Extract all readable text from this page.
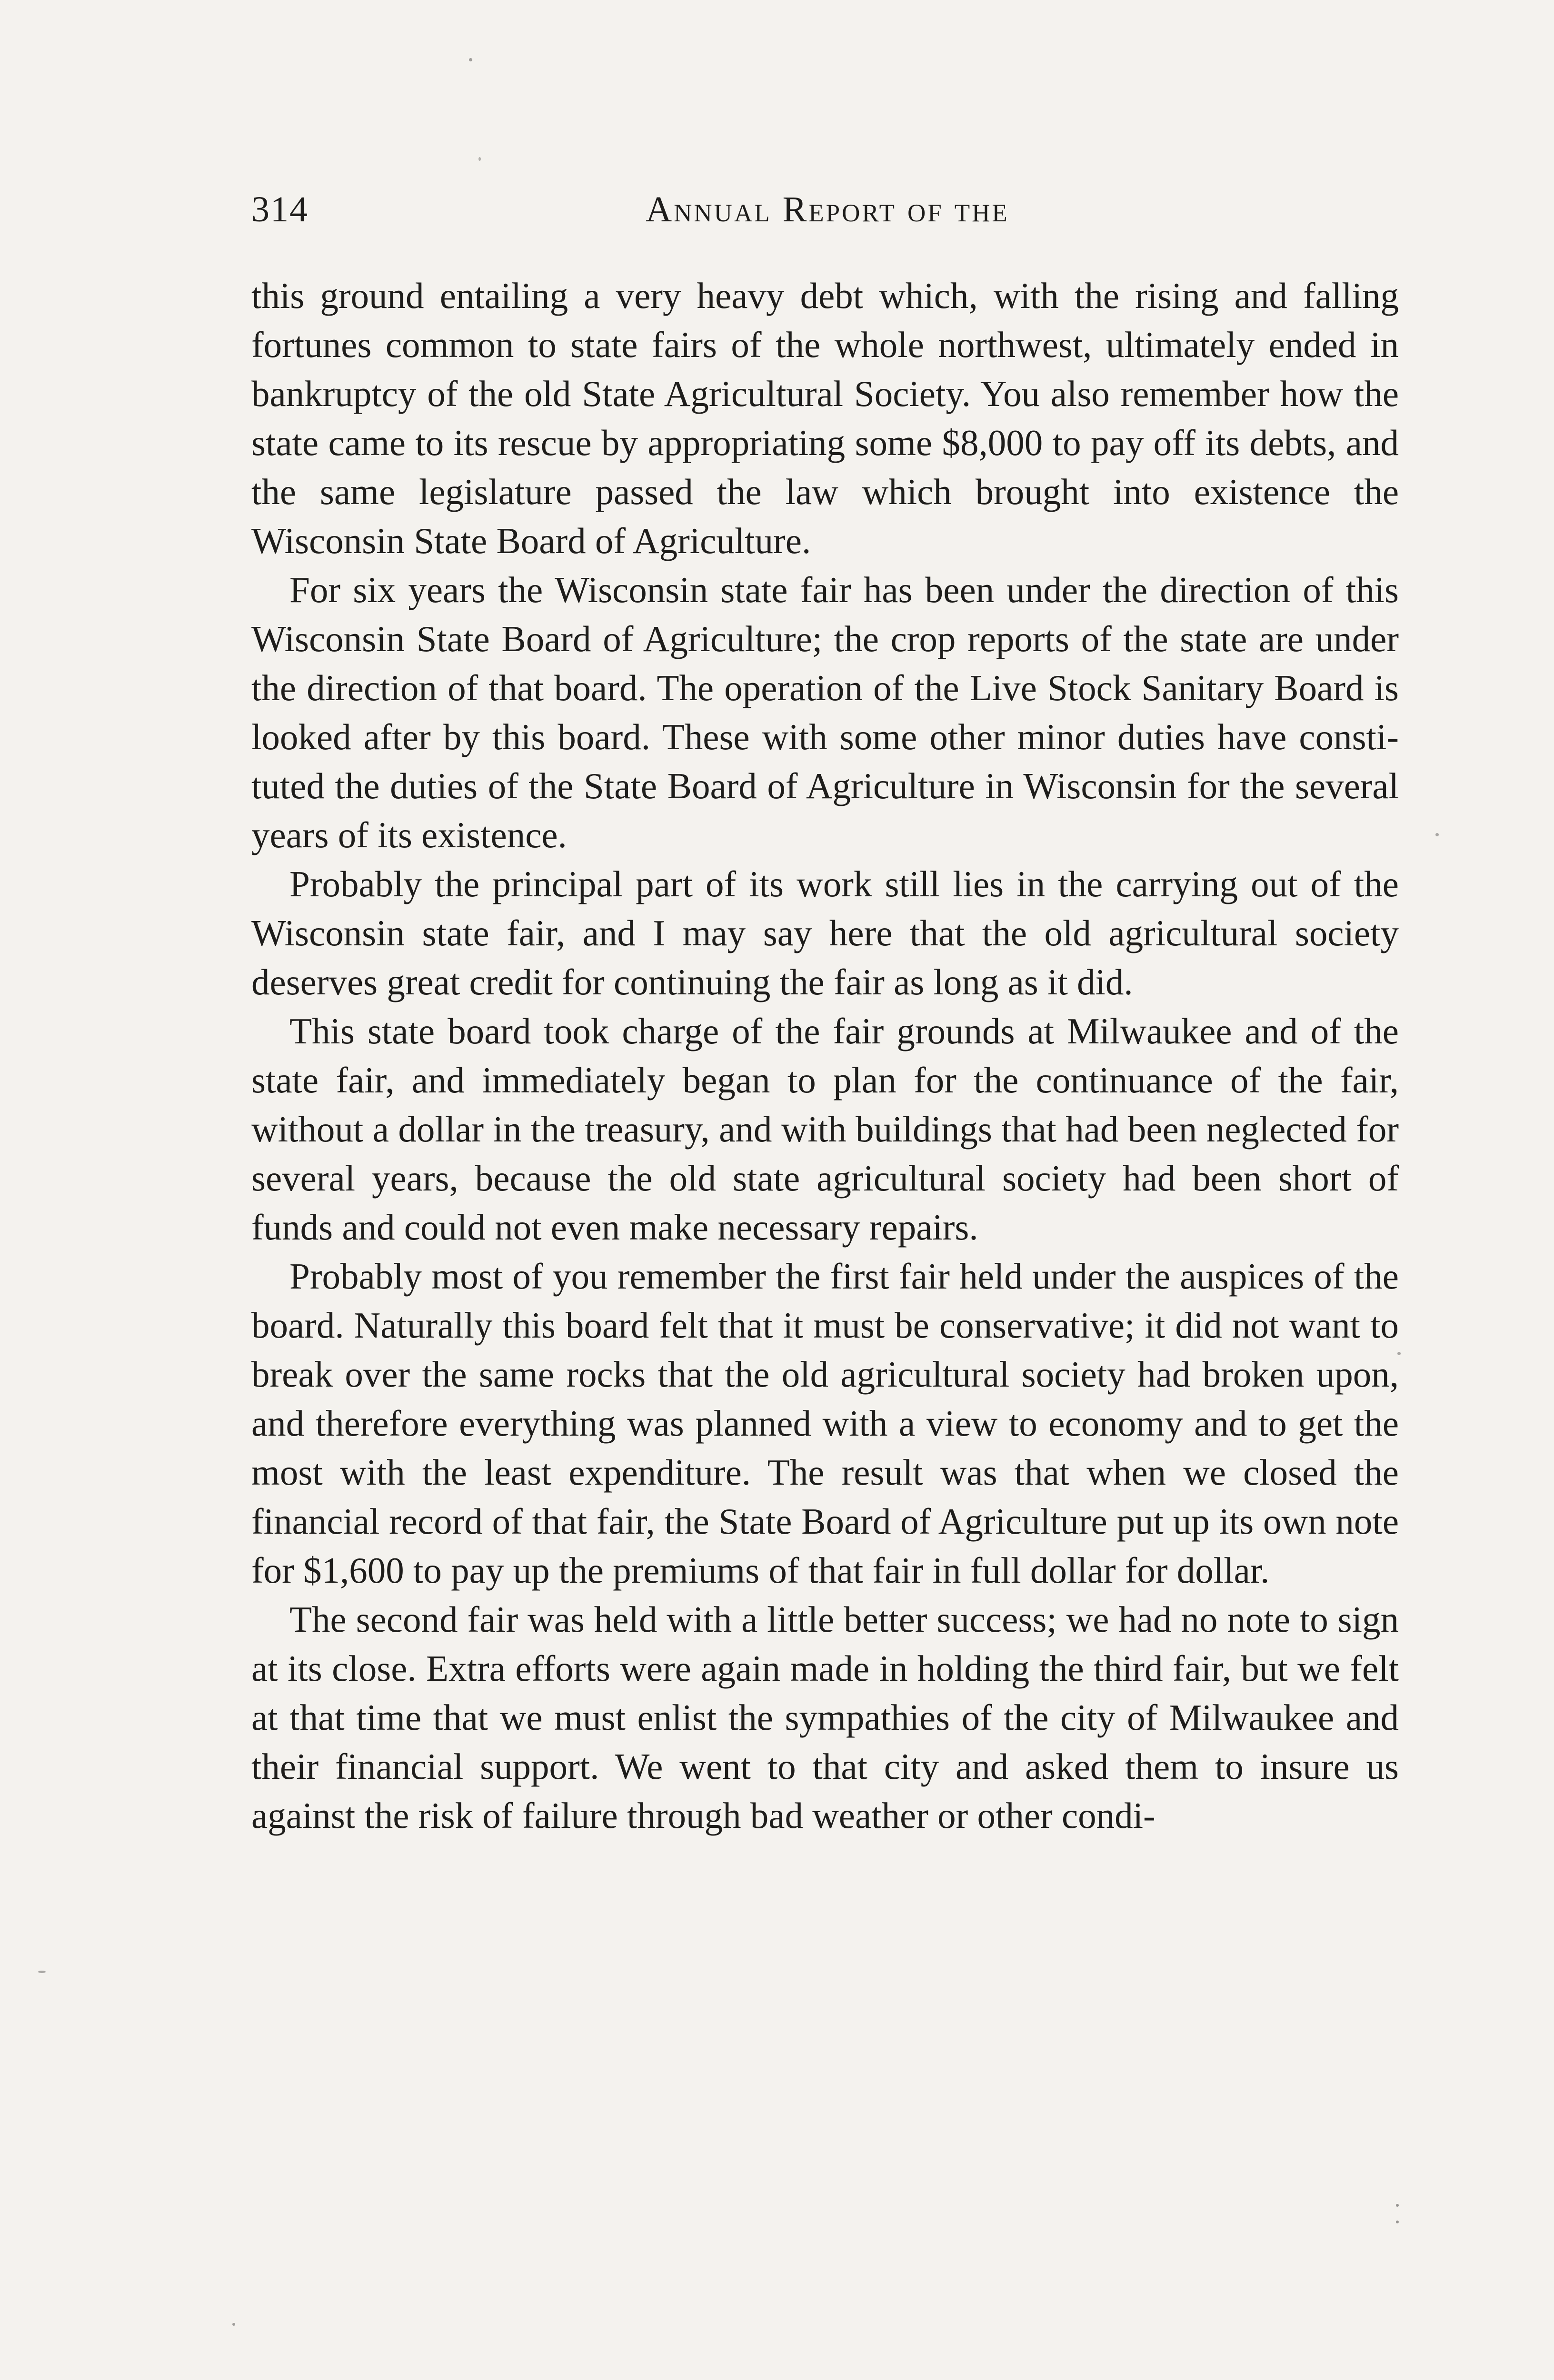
314	Annual Report of the

this ground entailing a very heavy debt which, with the rising and falling fortunes common to state fairs of the whole northwest, ultimately ended in bankruptcy of the old State Agricultural Society. You also remember how the state came to its rescue by appropriating some $8,000 to pay off its debts, and the same legislature passed the law which brought into existence the Wisconsin State Board of Agriculture.

For six years the Wisconsin state fair has been under the direction of this Wisconsin State Board of Agriculture; the crop reports of the state are under the direction of that board. The operation of the Live Stock Sanitary Board is looked after by this board. These with some other minor duties have constituted the duties of the State Board of Agriculture in Wisconsin for the several years of its existence.

Probably the principal part of its work still lies in the carrying out of the Wisconsin state fair, and I may say here that the old agricultural society deserves great credit for continuing the fair as long as it did.

This state board took charge of the fair grounds at Milwaukee and of the state fair, and immediately began to plan for the continuance of the fair, without a dollar in the treasury, and with buildings that had been neglected for several years, because the old state agricultural society had been short of funds and could not even make necessary repairs.

Probably most of you remember the first fair held under the auspices of the board. Naturally this board felt that it must be conservative; it did not want to break over the same rocks that the old agricultural society had broken upon, and therefore everything was planned with a view to economy and to get the most with the least expenditure. The result was that when we closed the financial record of that fair, the State Board of Agriculture put up its own note for $1,600 to pay up the premiums of that fair in full dollar for dollar.

The second fair was held with a little better success; we had no note to sign at its close. Extra efforts were again made in holding the third fair, but we felt at that time that we must enlist the sympathies of the city of Milwaukee and their financial support. We went to that city and asked them to insure us against the risk of failure through bad weather or other condi-
